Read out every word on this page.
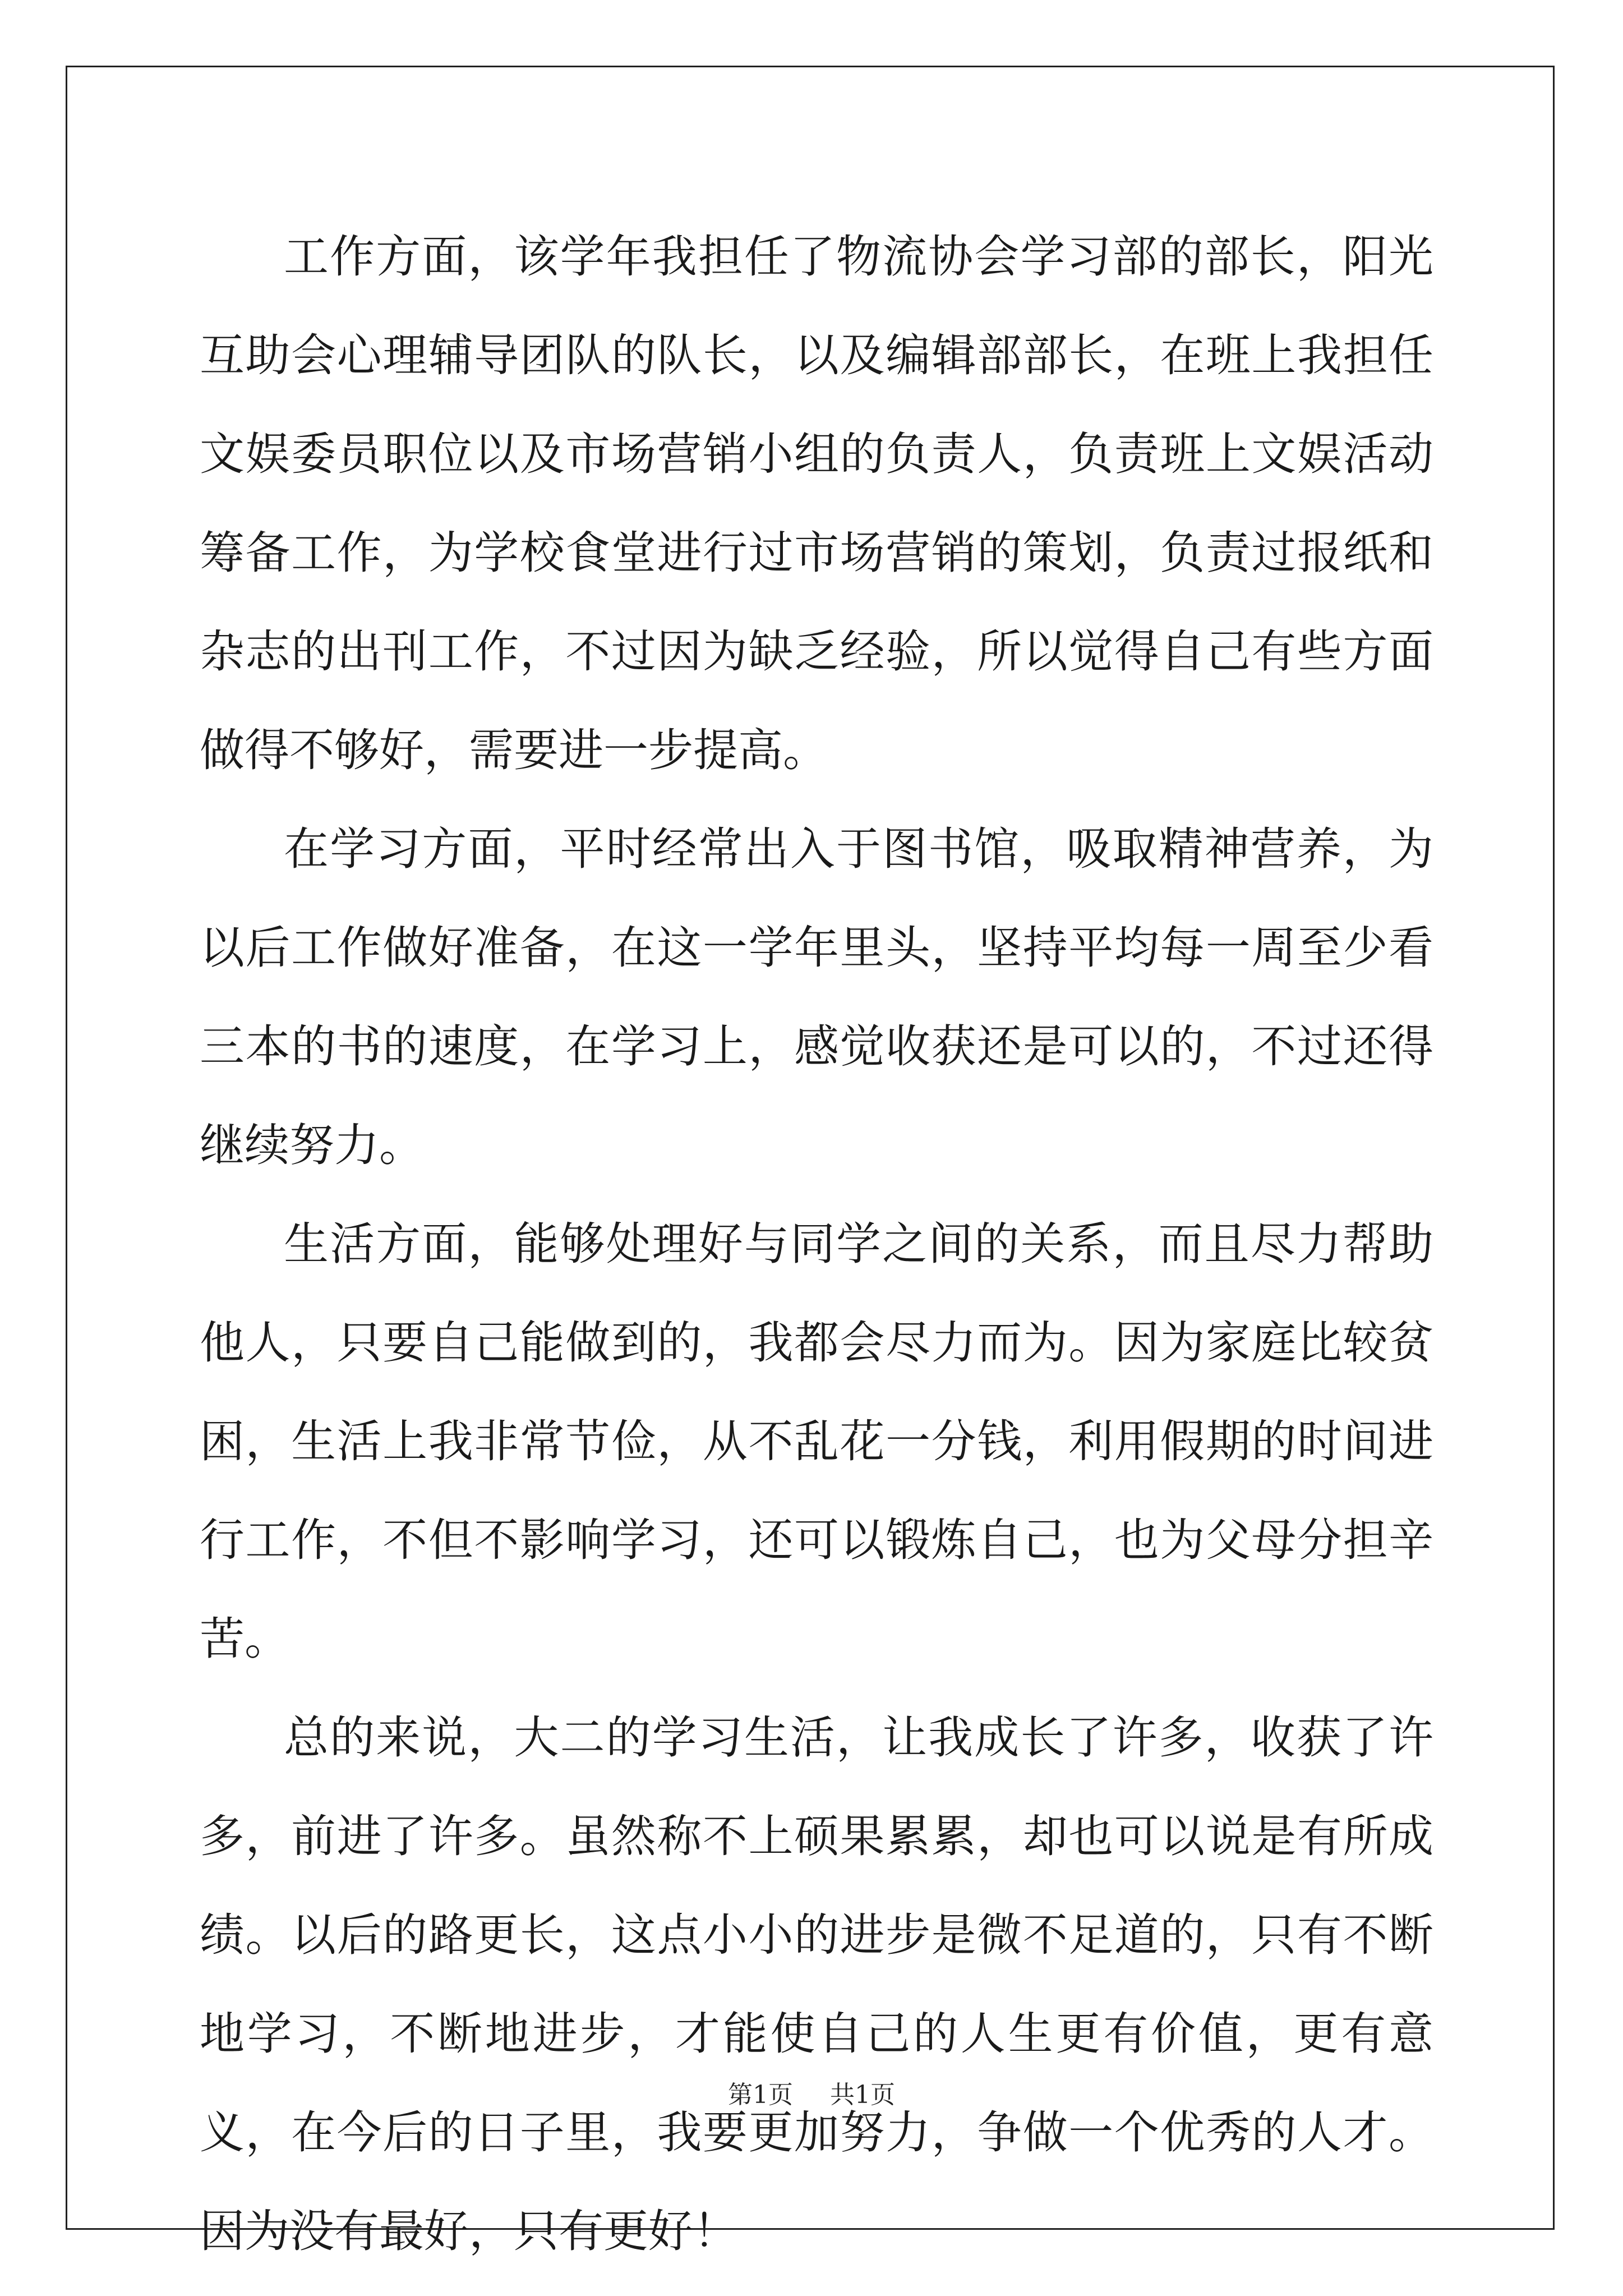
工作方面，该学年我担任了物流协会学习部的部长，阳光互助会心理辅导团队的队长，以及编辑部部长，在班上我担任文娱委员职位以及市场营销小组的负责人，负责班上文娱活动筹备工作，为学校食堂进行过市场营销的策划，负责过报纸和杂志的出刊工作，不过因为缺乏经验，所以觉得自己有些方面做得不够好，需要进一步提高。

在学习方面，平时经常出入于图书馆，吸取精神营养，为以后工作做好准备，在这一学年里头，坚持平均每一周至少看三本的书的速度，在学习上，感觉收获还是可以的，不过还得继续努力。

生活方面，能够处理好与同学之间的关系，而且尽力帮助他人，只要自己能做到的，我都会尽力而为。因为家庭比较贫困，生活上我非常节俭，从不乱花一分钱，利用假期的时间进行工作，不但不影响学习，还可以锻炼自己，也为父母分担辛苦。

总的来说，大二的学习生活，让我成长了许多，收获了许多，前进了许多。虽然称不上硕果累累，却也可以说是有所成绩。以后的路更长，这点小小的进步是微不足道的，只有不断地学习，不断地进步，才能使自己的人生更有价值，更有意义，在今后的日子里，我要更加努力，争做一个优秀的人才。因为没有最好，只有更好！

第1页 共1页
